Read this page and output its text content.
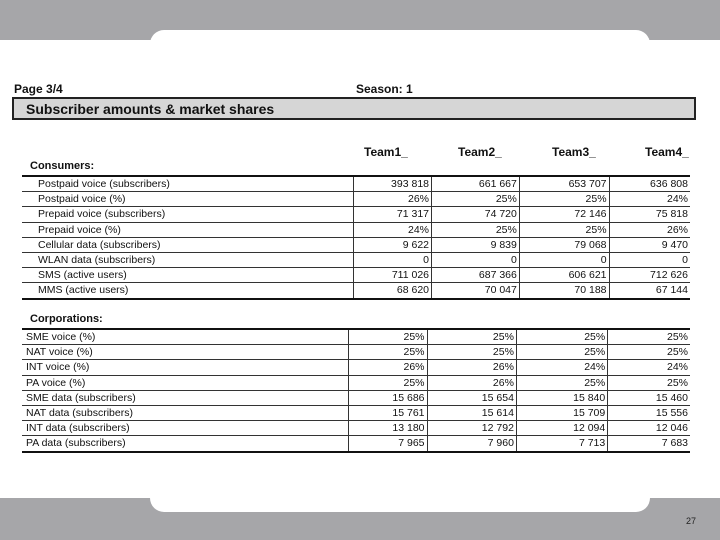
27
Page 3/4	Season: 1
Subscriber amounts & market shares
Team1_	Team2_	Team3_	Team4_
Consumers:
Postpaid voice (subscribers)	393 818	661 667	653 707	636 808
Postpaid voice (%)	26%	25%	25%	24%
Prepaid voice (subscribers)	71 317	74 720	72 146	75 818
Prepaid voice (%)	24%	25%	25%	26%
Cellular data (subscribers)	9 622	9 839	79 068	9 470
WLAN data (subscribers)	0	0	0	0
SMS (active users)	711 026	687 366	606 621	712 626
MMS (active users)	68 620	70 047	70 188	67 144
Corporations:
SME voice (%)	25%	25%	25%	25%
NAT voice (%)	25%	25%	25%	25%
INT voice (%)	26%	26%	24%	24%
PA voice (%)	25%	26%	25%	25%
SME data (subscribers)	15 686	15 654	15 840	15 460
NAT data (subscribers)	15 761	15 614	15 709	15 556
INT data (subscribers)	13 180	12 792	12 094	12 046
PA data (subscribers)	7 965	7 960	7 713	7 683
